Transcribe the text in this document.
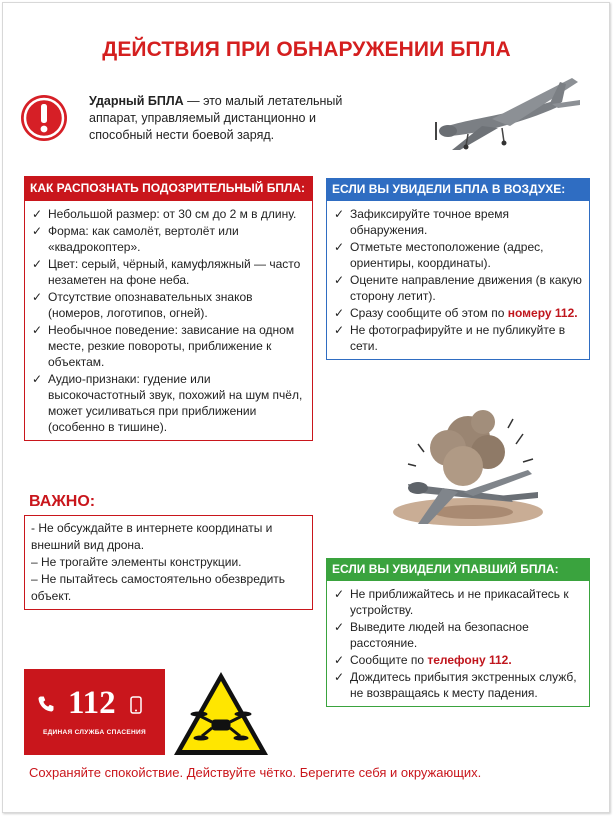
ДЕЙСТВИЯ ПРИ ОБНАРУЖЕНИИ БПЛА
Ударный БПЛА — это малый летательный аппарат, управляемый дистанционно и способный нести боевой заряд.
КАК РАСПОЗНАТЬ ПОДОЗРИТЕЛЬНЫЙ БПЛА:
✓ Небольшой размер: от 30 см до 2 м в длину.
✓ Форма: как самолёт, вертолёт или «квадрокоптер».
✓ Цвет: серый, чёрный, камуфляжный — часто незаметен на фоне неба.
✓ Отсутствие опознавательных знаков (номеров, логотипов, огней).
✓ Необычное поведение: зависание на одном месте, резкие повороты, приближение к объектам.
✓ Аудио-признаки: гудение или высокочастотный звук, похожий на шум пчёл, может усиливаться при приближении (особенно в тишине).
ЕСЛИ ВЫ УВИДЕЛИ БПЛА В ВОЗДУХЕ:
✓ Зафиксируйте точное время обнаружения.
✓ Отметьте местоположение (адрес, ориентиры, координаты).
✓ Оцените направление движения (в какую сторону летит).
✓ Сразу сообщите об этом по номеру 112.
✓ Не фотографируйте и не публикуйте в сети.
ВАЖНО:
- Не обсуждайте в интернете координаты и внешний вид дрона.
– Не трогайте элементы конструкции.
– Не пытайтесь самостоятельно обезвредить объект.
ЕСЛИ ВЫ УВИДЕЛИ УПАВШИЙ БПЛА:
✓ Не приближайтесь и не прикасайтесь к устройству.
✓ Выведите людей на безопасное расстояние.
✓ Сообщите по телефону 112.
✓ Дождитесь прибытия экстренных служб, не возвращаясь к месту падения.
112
ЕДИНАЯ СЛУЖБА СПАСЕНИЯ
Сохраняйте спокойствие. Действуйте чётко. Берегите себя и окружающих.
